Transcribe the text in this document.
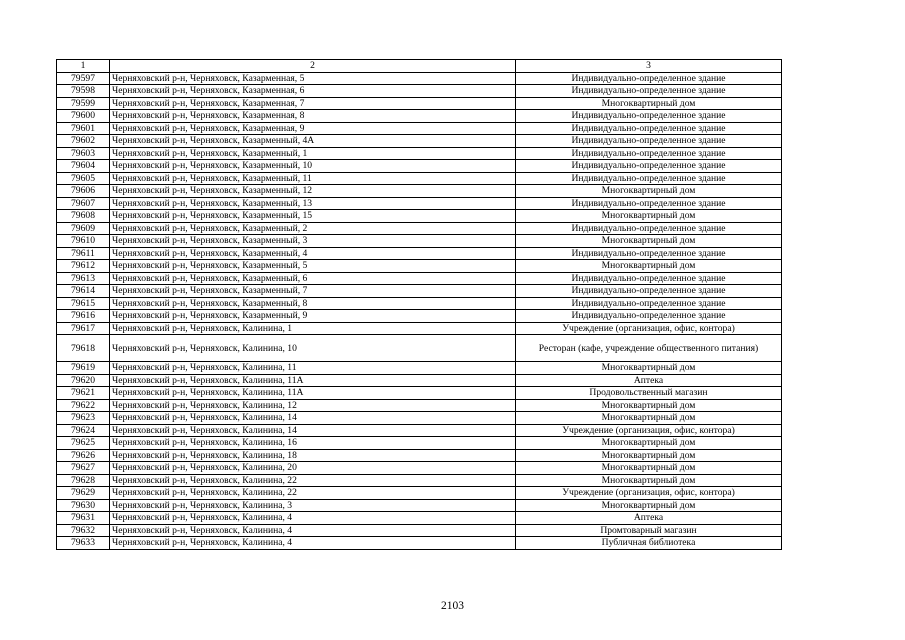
1	2	3
79597	Черняховский р-н, Черняховск, Казарменная, 5	Индивидуально-определенное здание
79598	Черняховский р-н, Черняховск, Казарменная, 6	Индивидуально-определенное здание
79599	Черняховский р-н, Черняховск, Казарменная, 7	Многоквартирный дом
79600	Черняховский р-н, Черняховск, Казарменная, 8	Индивидуально-определенное здание
79601	Черняховский р-н, Черняховск, Казарменная, 9	Индивидуально-определенное здание
79602	Черняховский р-н, Черняховск, Казарменный, 4А	Индивидуально-определенное здание
79603	Черняховский р-н, Черняховск, Казарменный, 1	Индивидуально-определенное здание
79604	Черняховский р-н, Черняховск, Казарменный, 10	Индивидуально-определенное здание
79605	Черняховский р-н, Черняховск, Казарменный, 11	Индивидуально-определенное здание
79606	Черняховский р-н, Черняховск, Казарменный, 12	Многоквартирный дом
79607	Черняховский р-н, Черняховск, Казарменный, 13	Индивидуально-определенное здание
79608	Черняховский р-н, Черняховск, Казарменный, 15	Многоквартирный дом
79609	Черняховский р-н, Черняховск, Казарменный, 2	Индивидуально-определенное здание
79610	Черняховский р-н, Черняховск, Казарменный, 3	Многоквартирный дом
79611	Черняховский р-н, Черняховск, Казарменный, 4	Индивидуально-определенное здание
79612	Черняховский р-н, Черняховск, Казарменный, 5	Многоквартирный дом
79613	Черняховский р-н, Черняховск, Казарменный, 6	Индивидуально-определенное здание
79614	Черняховский р-н, Черняховск, Казарменный, 7	Индивидуально-определенное здание
79615	Черняховский р-н, Черняховск, Казарменный, 8	Индивидуально-определенное здание
79616	Черняховский р-н, Черняховск, Казарменный, 9	Индивидуально-определенное здание
79617	Черняховский р-н, Черняховск, Калинина, 1	Учреждение (организация, офис, контора)
79618	Черняховский р-н, Черняховск, Калинина, 10	Ресторан (кафе, учреждение общественного питания)
79619	Черняховский р-н, Черняховск, Калинина, 11	Многоквартирный дом
79620	Черняховский р-н, Черняховск, Калинина, 11А	Аптека
79621	Черняховский р-н, Черняховск, Калинина, 11А	Продовольственный магазин
79622	Черняховский р-н, Черняховск, Калинина, 12	Многоквартирный дом
79623	Черняховский р-н, Черняховск, Калинина, 14	Многоквартирный дом
79624	Черняховский р-н, Черняховск, Калинина, 14	Учреждение (организация, офис, контора)
79625	Черняховский р-н, Черняховск, Калинина, 16	Многоквартирный дом
79626	Черняховский р-н, Черняховск, Калинина, 18	Многоквартирный дом
79627	Черняховский р-н, Черняховск, Калинина, 20	Многоквартирный дом
79628	Черняховский р-н, Черняховск, Калинина, 22	Многоквартирный дом
79629	Черняховский р-н, Черняховск, Калинина, 22	Учреждение (организация, офис, контора)
79630	Черняховский р-н, Черняховск, Калинина, 3	Многоквартирный дом
79631	Черняховский р-н, Черняховск, Калинина, 4	Аптека
79632	Черняховский р-н, Черняховск, Калинина, 4	Промтоварный магазин
79633	Черняховский р-н, Черняховск, Калинина, 4	Публичная библиотека
2103
